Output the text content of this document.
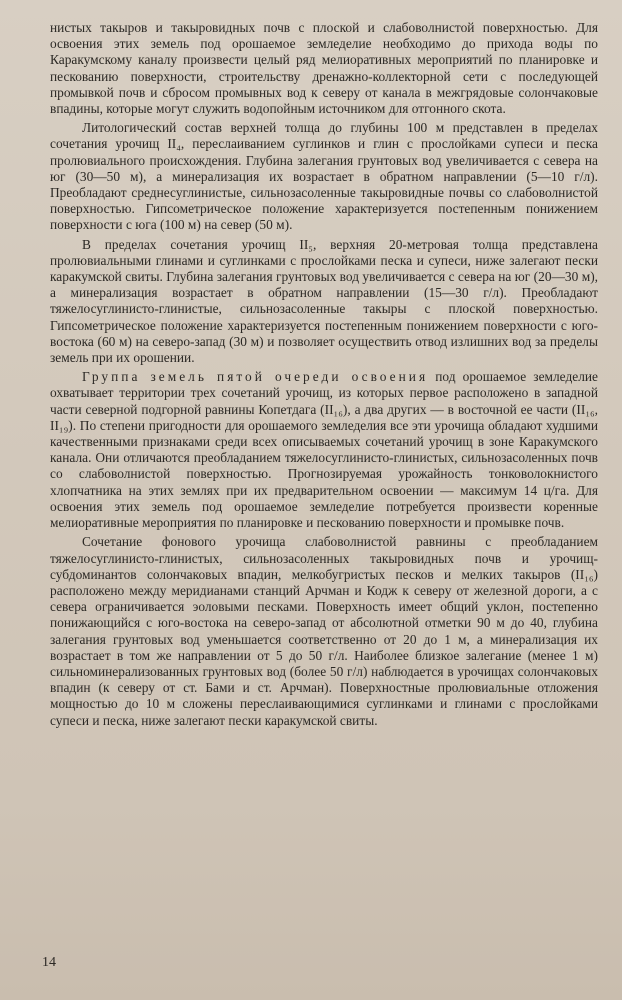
нистых такыров и такыровидных почв с плоской и слабоволнистой поверхностью. Для освоения этих земель под орошаемое земледелие необходимо до прихода воды по Каракумскому каналу произвести целый ряд мелиоративных мероприятий по планировке и пескованию поверхности, строительству дренажно-коллекторной сети с последующей промывкой почв и сбросом промывных вод к северу от канала в межгрядовые солончаковые впадины, которые могут служить водопойным источником для отгонного скота.

Литологический состав верхней толща до глубины 100 м представлен в пределах сочетания урочищ II₄, переслаиванием суглинков и глин с прослойками супеси и песка пролювиального происхождения. Глубина залегания грунтовых вод увеличивается с севера на юг (30—50 м), а минерализация их возрастает в обратном направлении (5—10 г/л). Преобладают среднесуглинистые, сильнозасоленные такыровидные почвы со слабоволнистой поверхностью. Гипсометрическое положение характеризуется постепенным понижением поверхности с юга (100 м) на север (50 м).

В пределах сочетания урочищ II₅, верхняя 20-метровая толща представлена пролювиальными глинами и суглинками с прослойками песка и супеси, ниже залегают пески каракумской свиты. Глубина залегания грунтовых вод увеличивается с севера на юг (20—30 м), а минерализация возрастает в обратном направлении (15—30 г/л). Преобладают тяжелосуглинисто-глинистые, сильнозасоленные такыры с плоской поверхностью. Гипсометрическое положение характеризуется постепенным понижением поверхности с юго-востока (60 м) на северо-запад (30 м) и позволяет осуществить отвод излишних вод за пределы земель при их орошении.

Группа земель пятой очереди освоения под орошаемое земледелие охватывает территории трех сочетаний урочищ, из которых первое расположено в западной части северной подгорной равнины Копетдага (II₁₆), а два других — в восточной ее части (II₁₆, II₁₉). По степени пригодности для орошаемого земледелия все эти урочища обладают худшими качественными признаками среди всех описываемых сочетаний урочищ в зоне Каракумского канала. Они отличаются преобладанием тяжелосуглинисто-глинистых, сильнозасоленных почв со слабоволнистой поверхностью. Прогнозируемая урожайность тонковолокнистого хлопчатника на этих землях при их предварительном освоении — максимум 14 ц/га. Для освоения этих земель под орошаемое земледелие потребуется произвести коренные мелиоративные мероприятия по планировке и пескованию поверхности и промывке почв.

Сочетание фонового урочища слабоволнистой равнины с преобладанием тяжелосуглинисто-глинистых, сильнозасоленных такыровидных почв и урочищ-субдоминантов солончаковых впадин, мелкобугристых песков и мелких такыров (II₁₆) расположено между меридианами станций Арчман и Кодж к северу от железной дороги, а с севера ограничивается эоловыми песками. Поверхность имеет общий уклон, постепенно понижающийся с юго-востока на северо-запад от абсолютной отметки 90 м до 40, глубина залегания грунтовых вод уменьшается соответственно от 20 до 1 м, а минерализация их возрастает в том же направлении от 5 до 50 г/л. Наиболее близкое залегание (менее 1 м) сильноминерализованных грунтовых вод (более 50 г/л) наблюдается в урочищах солончаковых впадин (к северу от ст. Бами и ст. Арчман). Поверхностные пролювиальные отложения мощностью до 10 м сложены переслаивающимися суглинками и глинами с прослойками супеси и песка, ниже залегают пески каракумской свиты.

14
